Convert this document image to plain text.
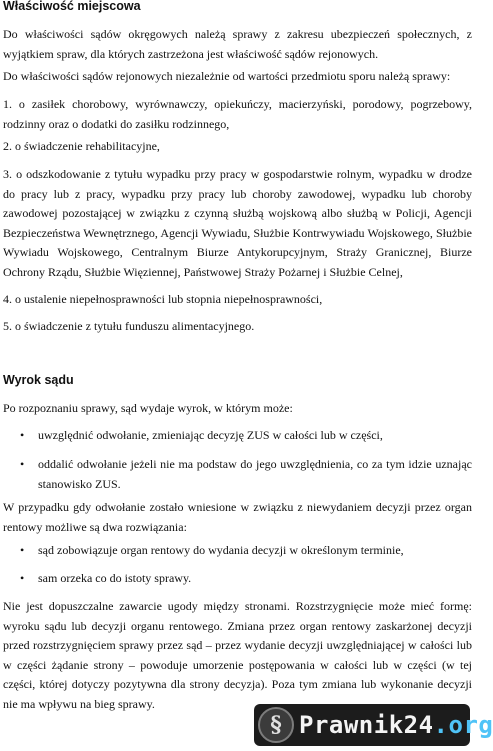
Właściwość miejscowa
Do właściwości sądów okręgowych należą sprawy z zakresu ubezpieczeń społecznych, z wyjątkiem spraw, dla których zastrzeżona jest właściwość sądów rejonowych.
Do właściwości sądów rejonowych niezależnie od wartości przedmiotu sporu należą sprawy:
1. o zasiłek chorobowy, wyrównawczy, opiekuńczy, macierzyński, porodowy, pogrzebowy, rodzinny oraz o dodatki do zasiłku rodzinnego,
2. o świadczenie rehabilitacyjne,
3. o odszkodowanie z tytułu wypadku przy pracy w gospodarstwie rolnym, wypadku w drodze do pracy lub z pracy, wypadku przy pracy lub choroby zawodowej, wypadku lub choroby zawodowej pozostającej w związku z czynną służbą wojskową albo służbą w Policji, Agencji Bezpieczeństwa Wewnętrznego, Agencji Wywiadu, Służbie Kontrwywiadu Wojskowego, Służbie Wywiadu Wojskowego, Centralnym Biurze Antykorupcyjnym, Straży Granicznej, Biurze Ochrony Rządu, Służbie Więziennej, Państwowej Straży Pożarnej i Służbie Celnej,
4. o ustalenie niepełnosprawności lub stopnia niepełnosprawności,
5. o świadczenie z tytułu funduszu alimentacyjnego.
Wyrok sądu
Po rozpoznaniu sprawy, sąd wydaje wyrok, w którym może:
• uwzględnić odwołanie, zmieniając decyzję ZUS w całości lub w części,
• oddalić odwołanie jeżeli nie ma podstaw do jego uwzględnienia, co za tym idzie uznając stanowisko ZUS.
W przypadku gdy odwołanie zostało wniesione w związku z niewydaniem decyzji przez organ rentowy możliwe są dwa rozwiązania:
• sąd zobowiązuje organ rentowy do wydania decyzji w określonym terminie,
• sam orzeka co do istoty sprawy.
Nie jest dopuszczalne zawarcie ugody między stronami. Rozstrzygnięcie może mieć formę: wyroku sądu lub decyzji organu rentowego. Zmiana przez organ rentowy zaskarżonej decyzji przed rozstrzygnięciem sprawy przez sąd – przez wydanie decyzji uwzględniającej w całości lub w części żądanie strony – powoduje umorzenie postępowania w całości lub w części (w tej części, której dotyczy pozytywna dla strony decyzja). Poza tym zmiana lub wykonanie decyzji nie ma wpływu na bieg sprawy.
§ Prawnik24.org
